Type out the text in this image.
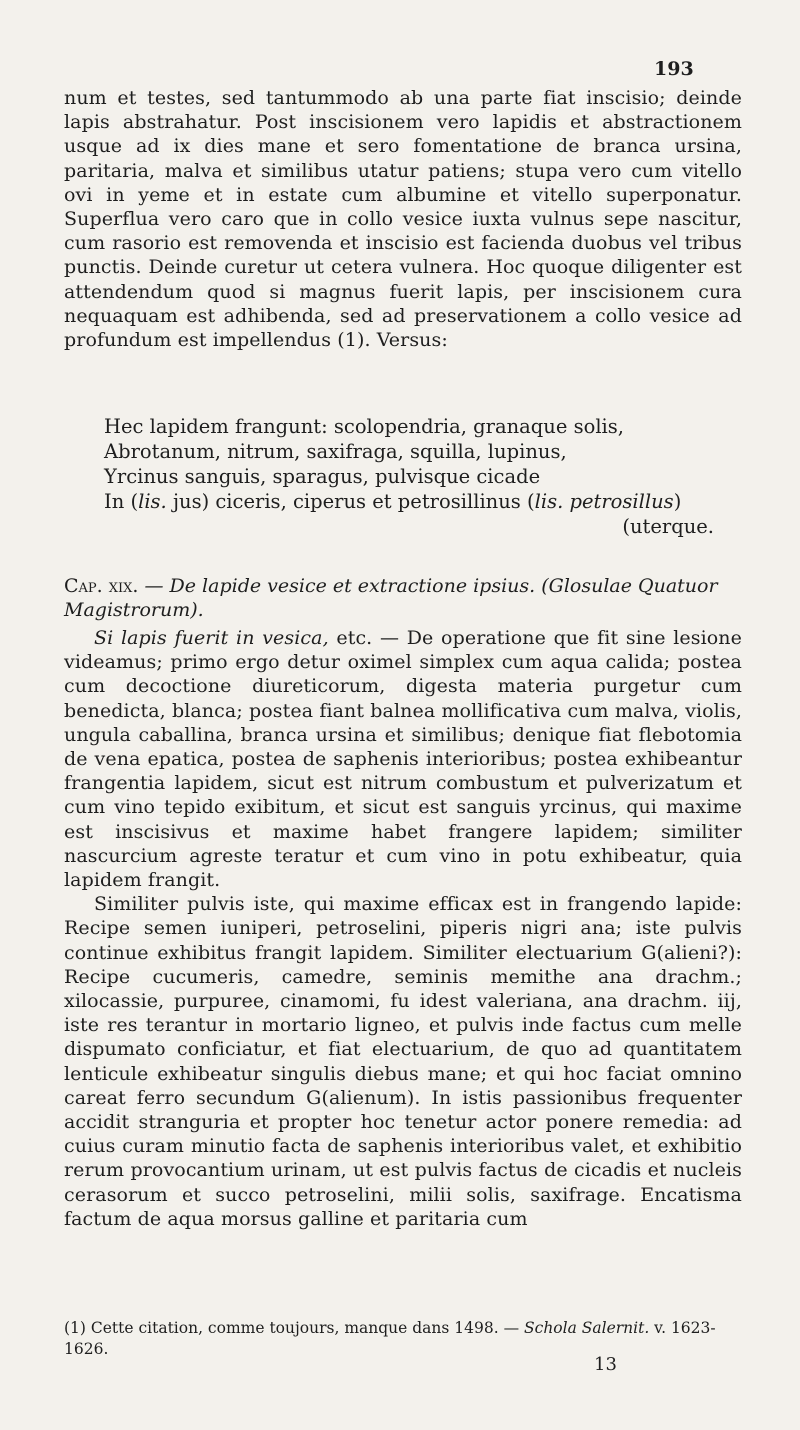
193

num et testes, sed tantummodo ab una parte fiat inscisio; deinde lapis abstrahatur. Post inscisionem vero lapidis et abstractionem usque ad ix dies mane et sero fomentatione de branca ursina, paritaria, malva et similibus utatur patiens; stupa vero cum vitello ovi in yeme et in estate cum albumine et vitello superponatur. Superflua vero caro que in collo vesice iuxta vulnus sepe nascitur, cum rasorio est removenda et inscisio est facienda duobus vel tribus punctis. Deinde curetur ut cetera vulnera. Hoc quoque diligenter est attendendum quod si magnus fuerit lapis, per inscisionem cura nequaquam est adhibenda, sed ad preservationem a collo vesice ad profundum est impellendus (1). Versus:

Hec lapidem frangunt: scolopendria, granaque solis,
Abrotanum, nitrum, saxifraga, squilla, lupinus,
Yrcinus sanguis, sparagus, pulvisque cicade
In (lis. jus) ciceris, ciperus et petrosillinus (lis. petrosillus)
(uterque.
Cap. xix. — De lapide vesice et extractione ipsius. (Glosulae Quatuor Magistrorum).

Si lapis fuerit in vesica, etc. — De operatione que fit sine lesione videamus; primo ergo detur oximel simplex cum aqua calida; postea cum decoctione diureticorum, digesta materia purgetur cum benedicta, blanca; postea fiant balnea mollificativa cum malva, violis, ungula caballina, branca ursina et similibus; denique fiat flebotomia de vena epatica, postea de saphenis interioribus; postea exhibeantur frangentia lapidem, sicut est nitrum combustum et pulverizatum et cum vino tepido exibitum, et sicut est sanguis yrcinus, qui maxime est inscisivus et maxime habet frangere lapidem; similiter nascurcium agreste teratur et cum vino in potu exhibeatur, quia lapidem frangit.

Similiter pulvis iste, qui maxime efficax est in frangendo lapide: Recipe semen iuniperi, petroselini, piperis nigri ana; iste pulvis continue exhibitus frangit lapidem. Similiter electuarium G(alieni?): Recipe cucumeris, camedre, seminis memithe ana drachm.; xilocassie, purpuree, cinamomi, fu idest valeriana, ana drachm. iij, iste res terantur in mortario ligneo, et pulvis inde factus cum melle dispumato conficiatur, et fiat electuarium, de quo ad quantitatem lenticule exhibeatur singulis diebus mane; et qui hoc faciat omnino careat ferro secundum G(alienum). In istis passionibus frequenter accidit stranguria et propter hoc tenetur actor ponere remedia: ad cuius curam minutio facta de saphenis interioribus valet, et exhibitio rerum provocantium urinam, ut est pulvis factus de cicadis et nucleis cerasorum et succo petroselini, milii solis, saxifrage. Encatisma factum de aqua morsus galline et paritaria cum

(1) Cette citation, comme toujours, manque dans 1498. — Schola Salernit. v. 1623-1626.
13
